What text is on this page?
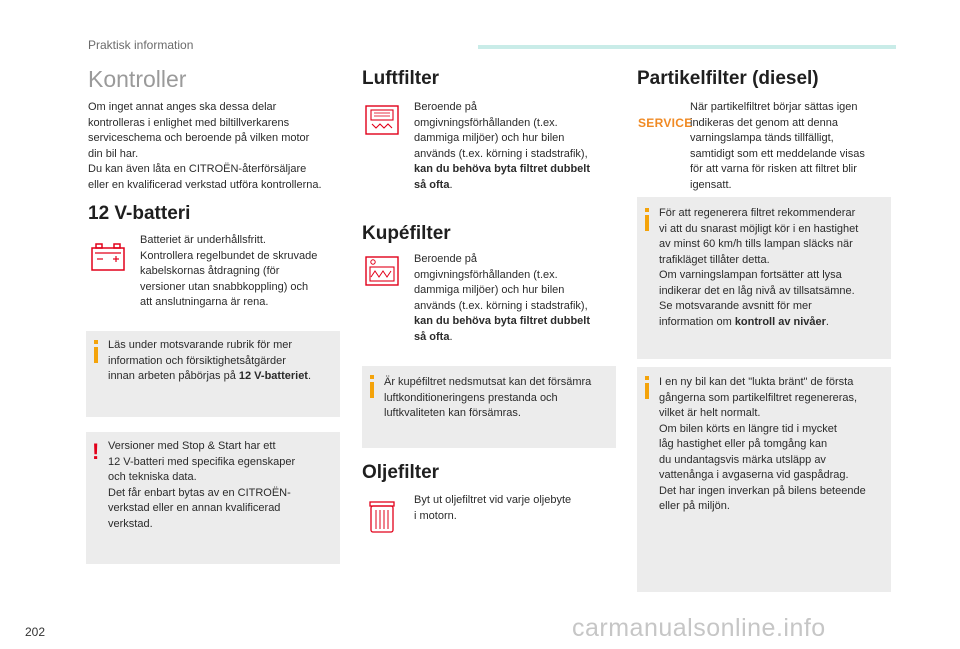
Praktisk information
Kontroller
Om inget annat anges ska dessa delar
kontrolleras i enlighet med biltillverkarens
serviceschema och beroende på vilken motor
din bil har.
Du kan även låta en CITROËN-återförsäljare
eller en kvalificerad verkstad utföra kontrollerna.
12 V-batteri
Batteriet är underhållsfritt.
Kontrollera regelbundet de skruvade
kabelskornas åtdragning (för
versioner utan snabbkoppling) och
att anslutningarna är rena.
Läs under motsvarande rubrik för mer
information och försiktighetsåtgärder
innan arbeten påbörjas på 12 V-batteriet.
! Versioner med Stop & Start har ett
12 V-batteri med specifika egenskaper
och tekniska data.
Det får enbart bytas av en CITROËN-
verkstad eller en annan kvalificerad
verkstad.
Luftfilter
Beroende på
omgivningsförhållanden (t.ex.
dammiga miljöer) och hur bilen
används (t.ex. körning i stadstrafik),
kan du behöva byta filtret dubbelt
så ofta.
Kupéfilter
Beroende på
omgivningsförhållanden (t.ex.
dammiga miljöer) och hur bilen
används (t.ex. körning i stadstrafik),
kan du behöva byta filtret dubbelt
så ofta.
Är kupéfiltret nedsmutsat kan det försämra
luftkonditioneringens prestanda och
luftkvaliteten kan försämras.
Oljefilter
Byt ut oljefiltret vid varje oljebyte
i motorn.
Partikelfilter (diesel)
SERVICE
När partikelfiltret börjar sättas igen
indikeras det genom att denna
varningslampa tänds tillfälligt,
samtidigt som ett meddelande visas
för att varna för risken att filtret blir
igensatt.
För att regenerera filtret rekommenderar
vi att du snarast möjligt kör i en hastighet
av minst 60 km/h tills lampan släcks när
trafikläget tillåter detta.
Om varningslampan fortsätter att lysa
indikerar det en låg nivå av tillsatsämne.
Se motsvarande avsnitt för mer
information om kontroll av nivåer.
I en ny bil kan det "lukta bränt" de första
gångerna som partikelfiltret regenereras,
vilket är helt normalt.
Om bilen körts en längre tid i mycket
låg hastighet eller på tomgång kan
du undantagsvis märka utsläpp av
vattenånga i avgaserna vid gaspådrag.
Det har ingen inverkan på bilens beteende
eller på miljön.
202	carmanualsonline.info
